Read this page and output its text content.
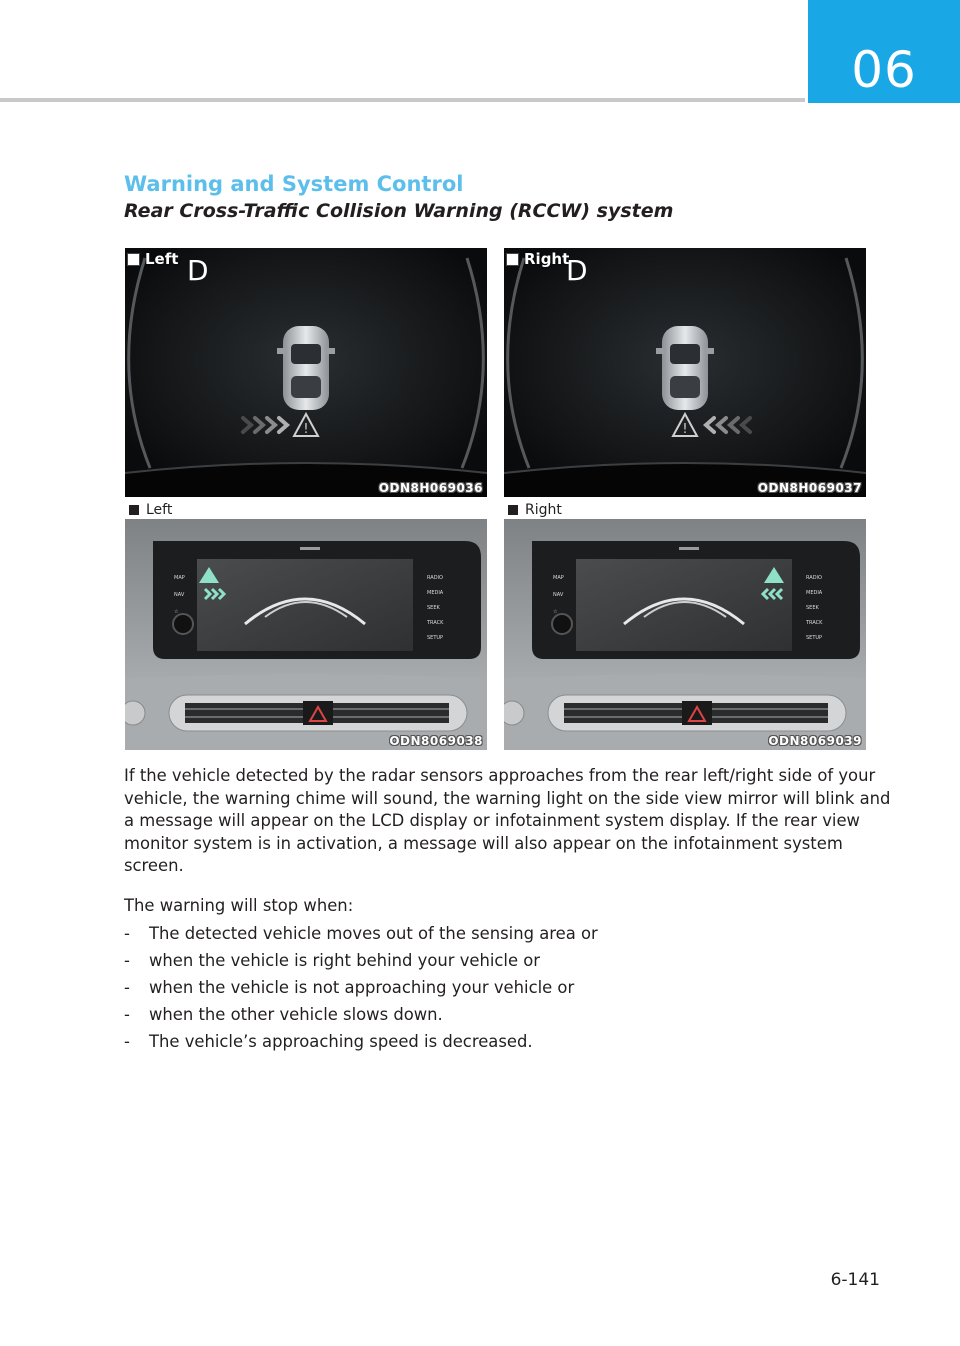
06
Warning and System Control
Rear Cross-Traffic Collision Warning (RCCW) system
!
Left D
ODN8H069036
!
Right
D
ODN8H069037
Left	Right
MAP
NAV
☆
RADIO
MEDIA
SEEK
TRACK
SETUP
ODN8069038
MAP
NAV
☆
RADIO
MEDIA
SEEK
TRACK
SETUP
ODN8069039

If the vehicle detected by the radar sensors approaches from the rear left/right side of your vehicle, the warning chime will sound, the warning light on the side view mirror will blink and a message will appear on the LCD display or infotainment system display. If the rear view monitor system is in activation, a message will also appear on the infotainment system screen.

The warning will stop when:

-	The detected vehicle moves out of the sensing area or
-	when the vehicle is right behind your vehicle or
-	when the vehicle is not approaching your vehicle or
-	when the other vehicle slows down.
-	The vehicle’s approaching speed is decreased.
6-141
